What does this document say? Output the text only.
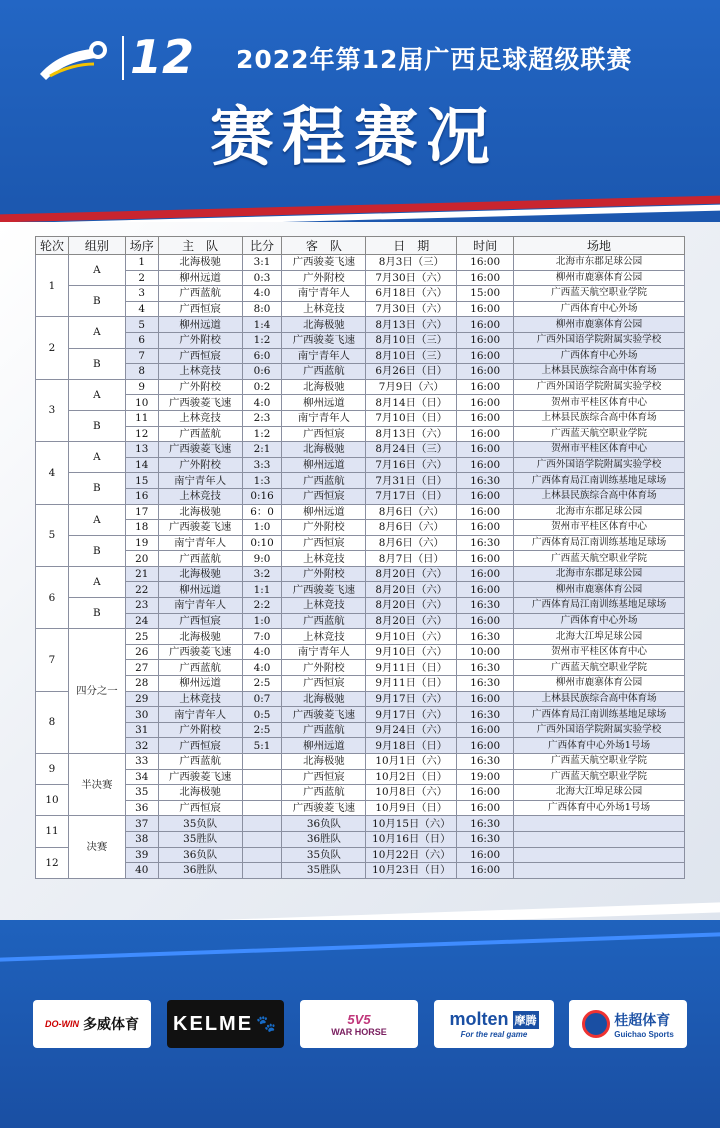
12 2022年第12届广西足球超级联赛
赛程赛况
轮次	组别	场序	主　队	比分	客　队	日　期	时间	场地
1	A	1	北海极驰	3:1	广西骏菱飞速	8月3日（三）	16:00	北海市东郡足球公园
		2	柳州远道	0:3	广外附校	7月30日（六）	16:00	柳州市鹿寨体育公园
	B	3	广西蓝航	4:0	南宁青年人	6月18日（六）	15:00	广西蓝天航空职业学院
		4	广西恒宸	8:0	上林竞技	7月30日（六）	16:00	广西体育中心外场
2	A	5	柳州远道	1:4	北海极驰	8月13日（六）	16:00	柳州市鹿寨体育公园
		6	广外附校	1:2	广西骏菱飞速	8月10日（三）	16:00	广西外国语学院附属实验学校
	B	7	广西恒宸	6:0	南宁青年人	8月10日（三）	16:00	广西体育中心外场
		8	上林竞技	0:6	广西蓝航	6月26日（日）	16:00	上林县民族综合高中体育场
3	A	9	广外附校	0:2	北海极驰	7月9日（六）	16:00	广西外国语学院附属实验学校
		10	广西骏菱飞速	4:0	柳州远道	8月14日（日）	16:00	贺州市平桂区体育中心
	B	11	上林竞技	2:3	南宁青年人	7月10日（日）	16:00	上林县民族综合高中体育场
		12	广西蓝航	1:2	广西恒宸	8月13日（六）	16:00	广西蓝天航空职业学院
4	A	13	广西骏菱飞速	2:1	北海极驰	8月24日（三）	16:00	贺州市平桂区体育中心
		14	广外附校	3:3	柳州远道	7月16日（六）	16:00	广西外国语学院附属实验学校
	B	15	南宁青年人	1:3	广西蓝航	7月31日（日）	16:30	广西体育局江南训练基地足球场
		16	上林竞技	0:16	广西恒宸	7月17日（日）	16:00	上林县民族综合高中体育场
5	A	17	北海极驰	6：0	柳州远道	8月6日（六）	16:00	北海市东郡足球公园
		18	广西骏菱飞速	1:0	广外附校	8月6日（六）	16:00	贺州市平桂区体育中心
	B	19	南宁青年人	0:10	广西恒宸	8月6日（六）	16:30	广西体育局江南训练基地足球场
		20	广西蓝航	9:0	上林竞技	8月7日（日）	16:00	广西蓝天航空职业学院
6	A	21	北海极驰	3:2	广外附校	8月20日（六）	16:00	北海市东郡足球公园
		22	柳州远道	1:1	广西骏菱飞速	8月20日（六）	16:00	柳州市鹿寨体育公园
	B	23	南宁青年人	2:2	上林竞技	8月20日（六）	16:30	广西体育局江南训练基地足球场
		24	广西恒宸	1:0	广西蓝航	8月20日（六）	16:00	广西体育中心外场
7	四分之一	25	北海极驰	7:0	上林竞技	9月10日（六）	16:30	北海大江埠足球公园
		26	广西骏菱飞速	4:0	南宁青年人	9月10日（六）	10:00	贺州市平桂区体育中心
		27	广西蓝航	4:0	广外附校	9月11日（日）	16:30	广西蓝天航空职业学院
		28	柳州远道	2:5	广西恒宸	9月11日（日）	16:30	柳州市鹿寨体育公园
8		29	上林竞技	0:7	北海极驰	9月17日（六）	16:00	上林县民族综合高中体育场
		30	南宁青年人	0:5	广西骏菱飞速	9月17日（六）	16:30	广西体育局江南训练基地足球场
		31	广外附校	2:5	广西蓝航	9月24日（六）	16:00	广西外国语学院附属实验学校
		32	广西恒宸	5:1	柳州远道	9月18日（日）	16:00	广西体育中心外场1号场
9	半决赛	33	广西蓝航		北海极驰	10月1日（六）	16:30	广西蓝天航空职业学院
		34	广西骏菱飞速		广西恒宸	10月2日（日）	19:00	广西蓝天航空职业学院
10		35	北海极驰		广西蓝航	10月8日（六）	16:00	北海大江埠足球公园
		36	广西恒宸		广西骏菱飞速	10月9日（日）	16:00	广西体育中心外场1号场
11	决赛	37	35负队		36负队	10月15日（六）	16:30	
		38	35胜队		36胜队	10月16日（日）	16:30	
12		39	36负队		35负队	10月22日（六）	16:00	
		40	36胜队		35胜队	10月23日（日）	16:00	
DO-WIN 多威体育 KELME 🐾	5V5
WAR HORSE
molten 摩腾
For the real game
桂超体育
Guichao Sports
